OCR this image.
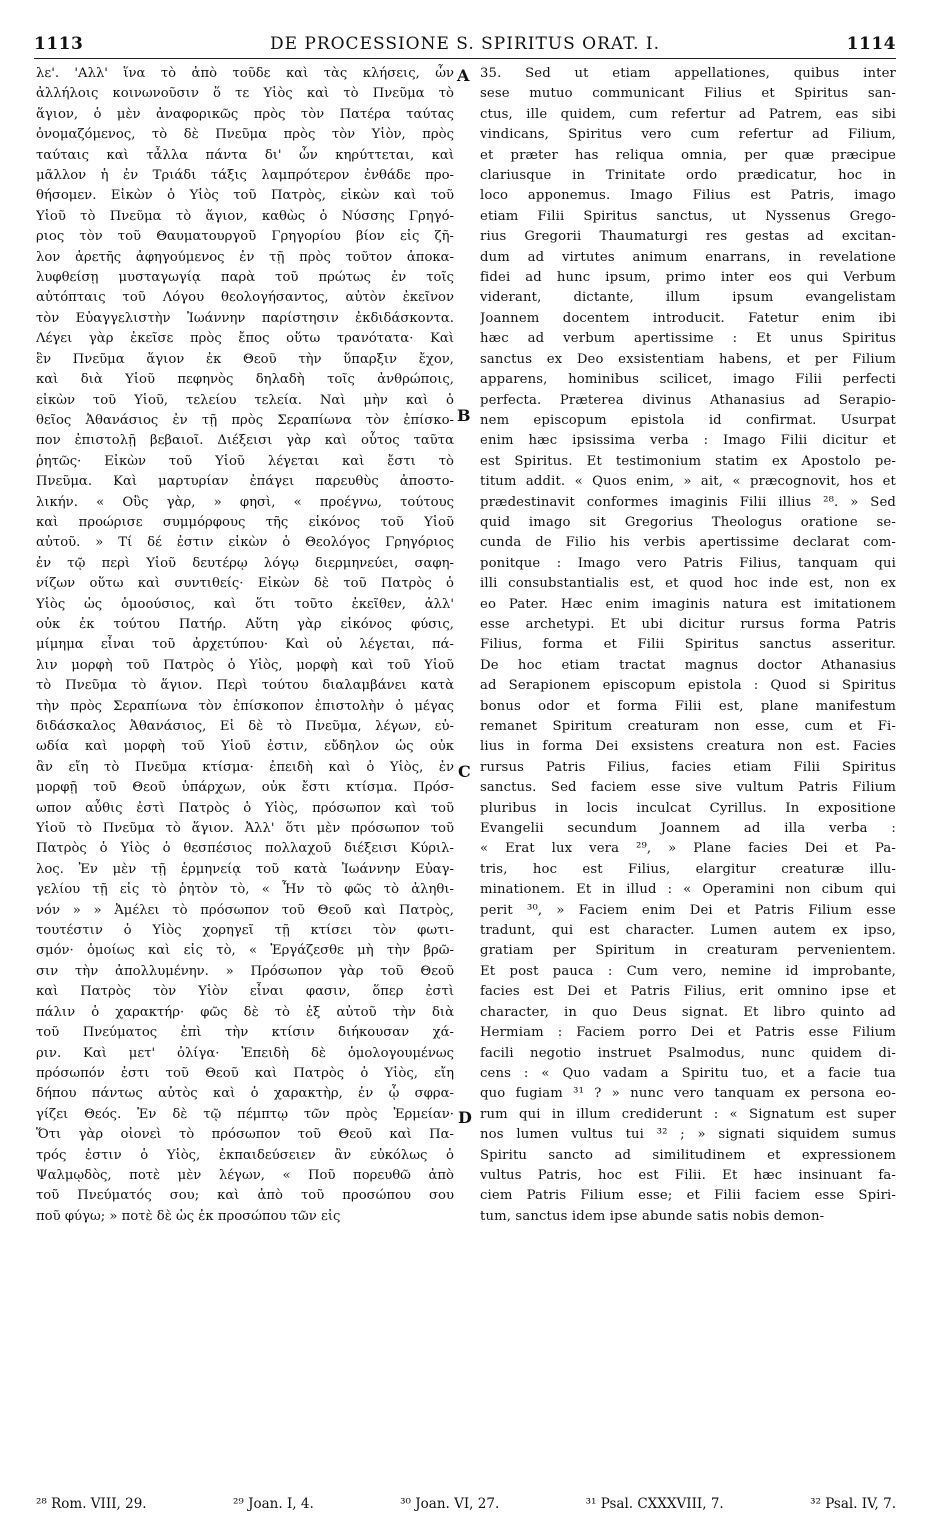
1113	DE PROCESSIONE S. SPIRITUS ORAT. I.	1114
λε'. 'Αλλ' ἵνα τὸ ἀπὸ τοῦδε καὶ τὰς κλήσεις, ὧν
ἀλλήλοις κοινωνοῦσιν ὅ τε Υἱὸς καὶ τὸ Πνεῦμα τὸ
ἅγιον, ὁ μὲν ἀναφορικῶς πρὸς τὸν Πατέρα ταύτας
ὀνομαζόμενος, τὸ δὲ Πνεῦμα πρὸς τὸν Υἱὸν, πρὸς
ταύταις καὶ τἆλλα πάντα δι' ὧν κηρύττεται, καὶ
μᾶλλον ἡ ἐν Τριάδι τάξις λαμπρότερον ἐνθάδε προ-
θήσομεν. Εἰκὼν ὁ Υἱὸς τοῦ Πατρὸς, εἰκὼν καὶ τοῦ
Υἱοῦ τὸ Πνεῦμα τὸ ἅγιον, καθὼς ὁ Νύσσης Γρηγό-
ριος τὸν τοῦ Θαυματουργοῦ Γρηγορίου βίον εἰς ζῆ-
λον ἀρετῆς ἀφηγούμενος ἐν τῇ πρὸς τοῦτον ἀποκα-
λυφθείσῃ μυσταγωγίᾳ παρὰ τοῦ πρώτως ἐν τοῖς
αὐτόπταις τοῦ Λόγου θεολογήσαντος, αὐτὸν ἐκεῖνον
τὸν Εὐαγγελιστὴν Ἰωάννην παρίστησιν ἐκδιδάσκοντα.
Λέγει γὰρ ἐκεῖσε πρὸς ἔπος οὕτω τρανότατα· Καὶ
ἓν Πνεῦμα ἅγιον ἐκ Θεοῦ τὴν ὕπαρξιν ἔχον,
καὶ διὰ Υἱοῦ πεφηνὸς δηλαδὴ τοῖς ἀνθρώποις,
εἰκὼν τοῦ Υἱοῦ, τελείου τελεία. Ναὶ μὴν καὶ ὁ
θεῖος Ἀθανάσιος ἐν τῇ πρὸς Σεραπίωνα τὸν ἐπίσκο-
πον ἐπιστολῇ βεβαιοῖ. Διέξεισι γὰρ καὶ οὗτος ταῦτα
ῥητῶς· Εἰκὼν τοῦ Υἱοῦ λέγεται καὶ ἔστι τὸ
Πνεῦμα. Καὶ μαρτυρίαν ἐπάγει παρευθὺς ἀποστο-
λικήν. « Οὓς γὰρ, » φησὶ, « προέγνω, τούτους
καὶ προώρισε συμμόρφους τῆς εἰκόνος τοῦ Υἱοῦ
αὐτοῦ. » Τί δέ ἐστιν εἰκὼν ὁ Θεολόγος Γρηγόριος
ἐν τῷ περὶ Υἱοῦ δευτέρῳ λόγῳ διερμηνεύει, σαφη-
νίζων οὕτω καὶ συντιθείς· Εἰκὼν δὲ τοῦ Πατρὸς ὁ
Υἱὸς ὡς ὁμοούσιος, καὶ ὅτι τοῦτο ἐκεῖθεν, ἀλλ'
οὐκ ἐκ τούτου Πατήρ. Αὕτη γὰρ εἰκόνος φύσις,
μίμημα εἶναι τοῦ ἀρχετύπου· Καὶ οὐ λέγεται, πά-
λιν μορφὴ τοῦ Πατρὸς ὁ Υἱὸς, μορφὴ καὶ τοῦ Υἱοῦ
τὸ Πνεῦμα τὸ ἅγιον. Περὶ τούτου διαλαμβάνει κατὰ
τὴν πρὸς Σεραπίωνα τὸν ἐπίσκοπον ἐπιστολὴν ὁ μέγας
διδάσκαλος Ἀθανάσιος, Εἰ δὲ τὸ Πνεῦμα, λέγων, εὐ-
ωδία καὶ μορφὴ τοῦ Υἱοῦ ἐστιν, εὔδηλον ὡς οὐκ
ἂν εἴη τὸ Πνεῦμα κτίσμα· ἐπειδὴ καὶ ὁ Υἱὸς, ἐν
μορφῇ τοῦ Θεοῦ ὑπάρχων, οὐκ ἔστι κτίσμα. Πρόσ-
ωπον αὖθις ἐστὶ Πατρὸς ὁ Υἱὸς, πρόσωπον καὶ τοῦ
Υἱοῦ τὸ Πνεῦμα τὸ ἅγιον. Ἀλλ' ὅτι μὲν πρόσωπον τοῦ
Πατρὸς ὁ Υἱὸς ὁ θεσπέσιος πολλαχοῦ διέξεισι Κύριλ-
λος. Ἐν μὲν τῇ ἑρμηνείᾳ τοῦ κατὰ Ἰωάννην Εὐαγ-
γελίου τῇ εἰς τὸ ῥητὸν τὸ, « Ἦν τὸ φῶς τὸ ἀληθι-
νόν » » Ἀμέλει τὸ πρόσωπον τοῦ Θεοῦ καὶ Πατρὸς,
τουτέστιν ὁ Υἱὸς χορηγεῖ τῇ κτίσει τὸν φωτι-
σμόν· ὁμοίως καὶ εἰς τὸ, « Ἐργάζεσθε μὴ τὴν βρῶ-
σιν τὴν ἀπολλυμένην. » Πρόσωπον γὰρ τοῦ Θεοῦ
καὶ Πατρὸς τὸν Υἱὸν εἶναι φασιν, ὅπερ ἐστὶ
πάλιν ὁ χαρακτήρ· φῶς δὲ τὸ ἐξ αὐτοῦ τὴν διὰ
τοῦ Πνεύματος ἐπὶ τὴν κτίσιν διήκουσαν χά-
ριν. Καὶ μετ' ὀλίγα· Ἐπειδὴ δὲ ὁμολογουμένως
πρόσωπόν ἐστι τοῦ Θεοῦ καὶ Πατρὸς ὁ Υἱὸς, εἴη
δήπου πάντως αὐτὸς καὶ ὁ χαρακτὴρ, ἐν ᾧ σφρα-
γίζει Θεός. Ἐν δὲ τῷ πέμπτῳ τῶν πρὸς Ἑρμείαν·
Ὅτι γὰρ οἰονεὶ τὸ πρόσωπον τοῦ Θεοῦ καὶ Πα-
τρός ἐστιν ὁ Υἱὸς, ἐκπαιδεύσειεν ἂν εὐκόλως ὁ
Ψαλμῳδὸς, ποτὲ μὲν λέγων, « Ποῦ πορευθῶ ἀπὸ
τοῦ Πνεύματός σου; καὶ ἀπὸ τοῦ προσώπου σου
ποῦ φύγω; » ποτὲ δὲ ὡς ἐκ προσώπου τῶν εἰς
35. Sed ut etiam appellationes, quibus inter
sese mutuo communicant Filius et Spiritus san-
ctus, ille quidem, cum refertur ad Patrem, eas sibi
vindicans, Spiritus vero cum refertur ad Filium,
et præter has reliqua omnia, per quæ præcipue
clariusque in Trinitate ordo prædicatur, hoc in
loco apponemus. Imago Filius est Patris, imago
etiam Filii Spiritus sanctus, ut Nyssenus Grego-
rius Gregorii Thaumaturgi res gestas ad excitan-
dum ad virtutes animum enarrans, in revelatione
fidei ad hunc ipsum, primo inter eos qui Verbum
viderant, dictante, illum ipsum evangelistam
Joannem docentem introducit. Fatetur enim ibi
hæc ad verbum apertissime : Et unus Spiritus
sanctus ex Deo exsistentiam habens, et per Filium
apparens, hominibus scilicet, imago Filii perfecti
perfecta. Præterea divinus Athanasius ad Serapio-
nem episcopum epistola id confirmat. Usurpat
enim hæc ipsissima verba : Imago Filii dicitur et
est Spiritus. Et testimonium statim ex Apostolo pe-
titum addit. « Quos enim, » ait, « præcognovit, hos et
prædestinavit conformes imaginis Filii illius ²⁸. » Sed
quid imago sit Gregorius Theologus oratione se-
cunda de Filio his verbis apertissime declarat com-
ponitque : Imago vero Patris Filius, tanquam qui
illi consubstantialis est, et quod hoc inde est, non ex
eo Pater. Hæc enim imaginis natura est imitationem
esse archetypi. Et ubi dicitur rursus forma Patris
Filius, forma et Filii Spiritus sanctus asseritur.
De hoc etiam tractat magnus doctor Athanasius
ad Serapionem episcopum epistola : Quod si Spiritus
bonus odor et forma Filii est, plane manifestum
remanet Spiritum creaturam non esse, cum et Fi-
lius in forma Dei exsistens creatura non est. Facies
rursus Patris Filius, facies etiam Filii Spiritus
sanctus. Sed faciem esse sive vultum Patris Filium
pluribus in locis inculcat Cyrillus. In expositione
Evangelii secundum Joannem ad illa verba :
« Erat lux vera ²⁹, » Plane facies Dei et Pa-
tris, hoc est Filius, elargitur creaturæ illu-
minationem. Et in illud : « Operamini non cibum qui
perit ³⁰, » Faciem enim Dei et Patris Filium esse
tradunt, qui est character. Lumen autem ex ipso,
gratiam per Spiritum in creaturam pervenientem.
Et post pauca : Cum vero, nemine id improbante,
facies est Dei et Patris Filius, erit omnino ipse et
character, in quo Deus signat. Et libro quinto ad
Hermiam : Faciem porro Dei et Patris esse Filium
facili negotio instruet Psalmodus, nunc quidem di-
cens : « Quo vadam a Spiritu tuo, et a facie tua
quo fugiam ³¹ ? » nunc vero tanquam ex persona eo-
rum qui in illum crediderunt : « Signatum est super
nos lumen vultus tui ³² ; » signati siquidem sumus
Spiritu sancto ad similitudinem et expressionem
vultus Patris, hoc est Filii. Et hæc insinuant fa-
ciem Patris Filium esse; et Filii faciem esse Spiri-
tum, sanctus idem ipse abunde satis nobis demon-
A
B
C
D
²⁸ Rom. VIII, 29.	²⁹ Joan. I, 4.	³⁰ Joan. VI, 27.	³¹ Psal. CXXXVIII, 7.	³² Psal. IV, 7.
